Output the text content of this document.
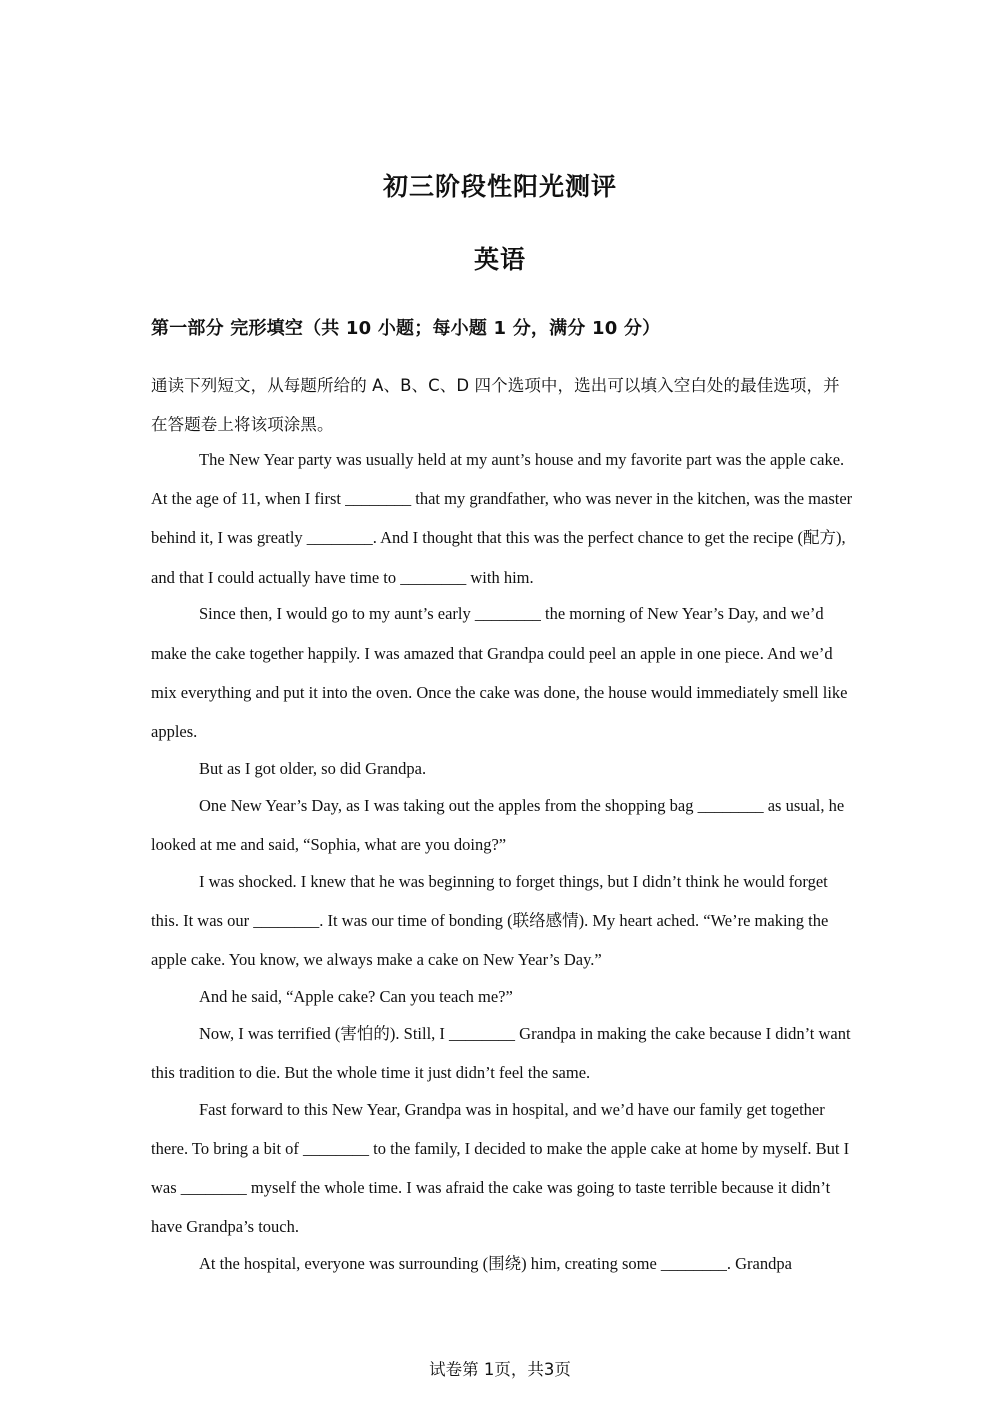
初三阶段性阳光测评
英语
第一部分 完形填空（共 10 小题；每小题 1 分，满分 10 分）

通读下列短文，从每题所给的 A、B、C、D 四个选项中，选出可以填入空白处的最佳选项，并在答题卷上将该项涂黑。

The New Year party was usually held at my aunt’s house and my favorite part was the apple cake. At the age of 11, when I first ________ that my grandfather, who was never in the kitchen, was the master behind it, I was greatly ________. And I thought that this was the perfect chance to get the recipe (配方), and that I could actually have time to ________ with him.

Since then, I would go to my aunt’s early ________ the morning of New Year’s Day, and we’d make the cake together happily. I was amazed that Grandpa could peel an apple in one piece. And we’d mix everything and put it into the oven. Once the cake was done, the house would immediately smell like apples.

But as I got older, so did Grandpa.

One New Year’s Day, as I was taking out the apples from the shopping bag ________ as usual, he looked at me and said, “Sophia, what are you doing?”

I was shocked. I knew that he was beginning to forget things, but I didn’t think he would forget this. It was our ________. It was our time of bonding (联络感情). My heart ached. “We’re making the apple cake. You know, we always make a cake on New Year’s Day.”

And he said, “Apple cake? Can you teach me?”

Now, I was terrified (害怕的). Still, I ________ Grandpa in making the cake because I didn’t want this tradition to die. But the whole time it just didn’t feel the same.

Fast forward to this New Year, Grandpa was in hospital, and we’d have our family get together there. To bring a bit of ________ to the family, I decided to make the apple cake at home by myself. But I was ________ myself the whole time. I was afraid the cake was going to taste terrible because it didn’t have Grandpa’s touch.

At the hospital, everyone was surrounding (围绕) him, creating some ________. Grandpa

试卷第 1页，共3页
